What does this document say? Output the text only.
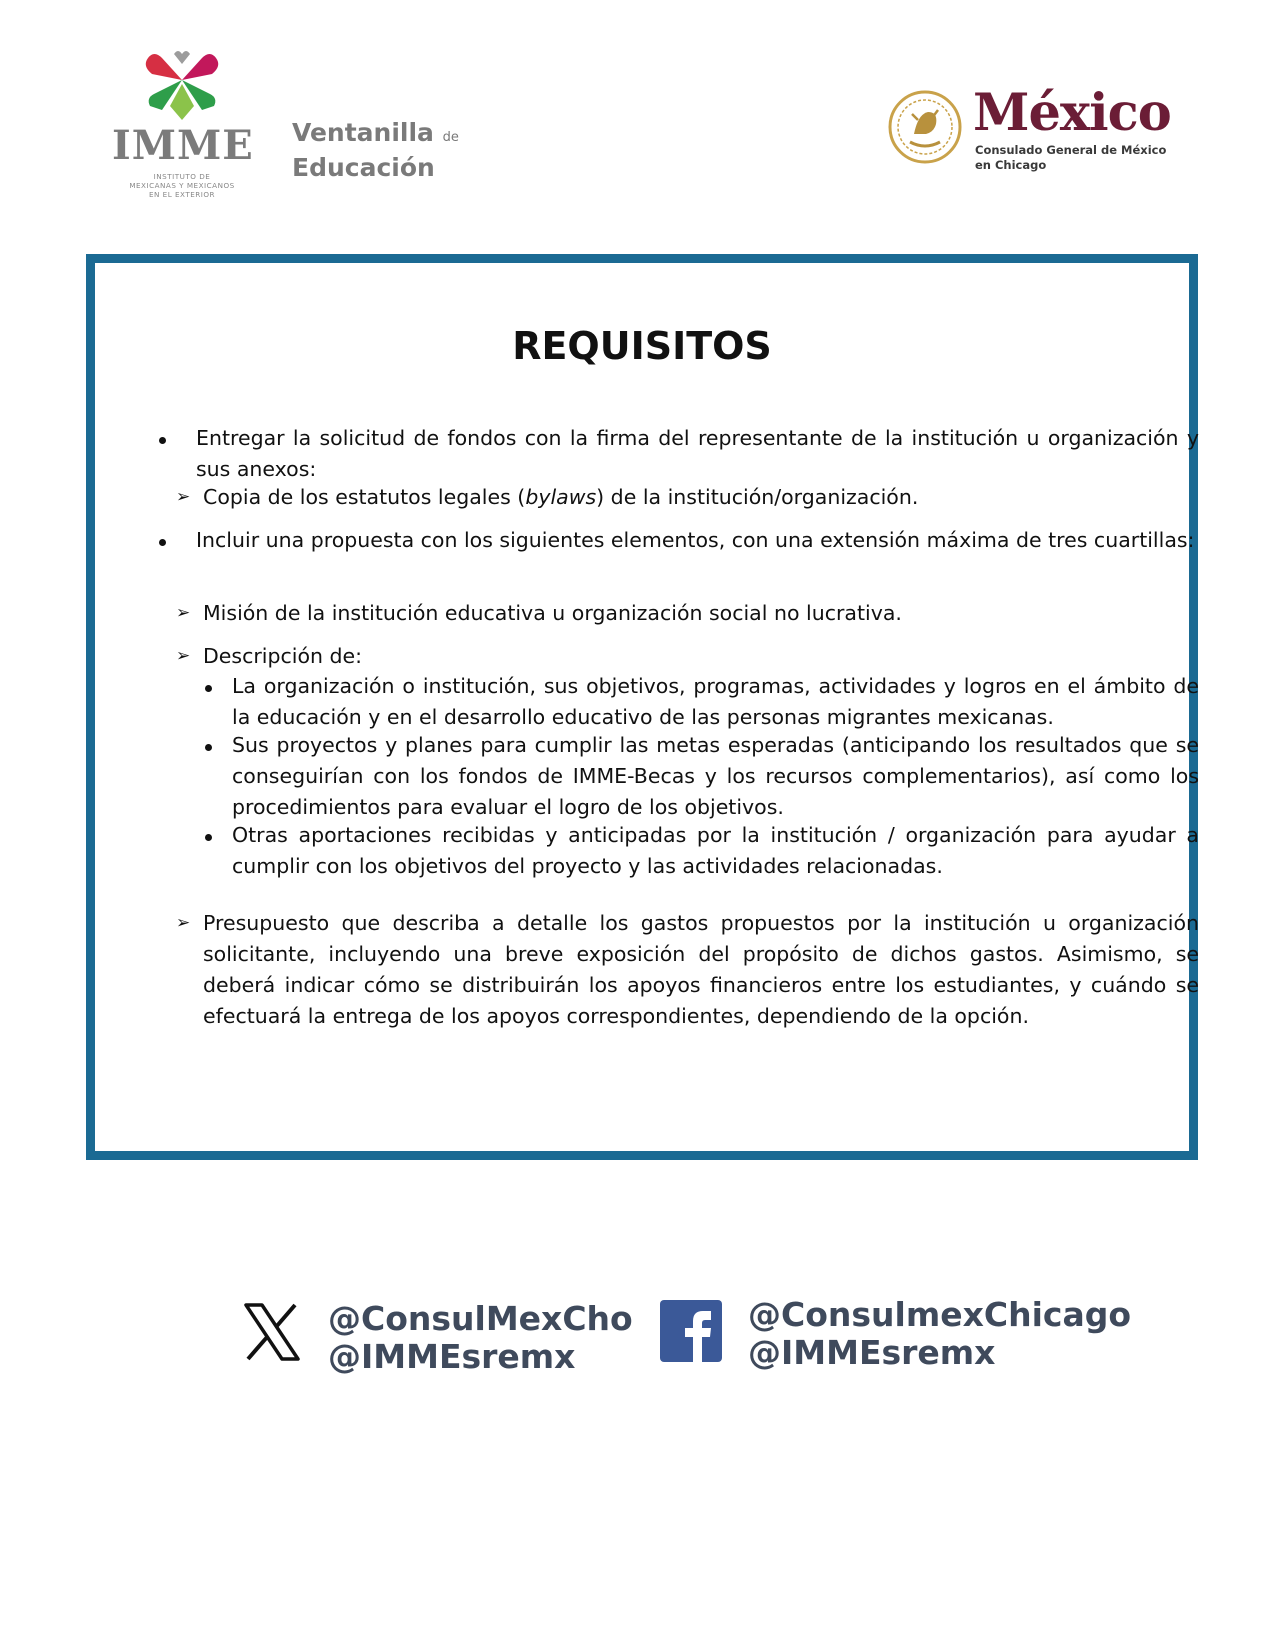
IMME
INSTITUTO DE
MEXICANAS Y MEXICANOS
EN EL EXTERIOR
Ventanilla de
Educación
México
Consulado General de México
en Chicago
REQUISITOS
Entregar la solicitud de fondos con la firma del representante de la institución u organización y sus anexos:
➢ Copia de los estatutos legales (bylaws) de la institución/organización.
Incluir una propuesta con los siguientes elementos, con una extensión máxima de tres cuartillas:
➢ Misión de la institución educativa u organización social no lucrativa.
➢ Descripción de:
La organización o institución, sus objetivos, programas, actividades y logros en el ámbito de la educación y en el desarrollo educativo de las personas migrantes mexicanas.
Sus proyectos y planes para cumplir las metas esperadas (anticipando los resultados que se conseguirían con los fondos de IMME-Becas y los recursos complementarios), así como los procedimientos para evaluar el logro de los objetivos.
Otras aportaciones recibidas y anticipadas por la institución / organización para ayudar a cumplir con los objetivos del proyecto y las actividades relacionadas.
➢ Presupuesto que describa a detalle los gastos propuestos por la institución u organización solicitante, incluyendo una breve exposición del propósito de dichos gastos. Asimismo, se deberá indicar cómo se distribuirán los apoyos financieros entre los estudiantes, y cuándo se efectuará la entrega de los apoyos correspondientes, dependiendo de la opción.
@ConsulMexCho
@IMMEsremx
@ConsulmexChicago
@IMMEsremx
